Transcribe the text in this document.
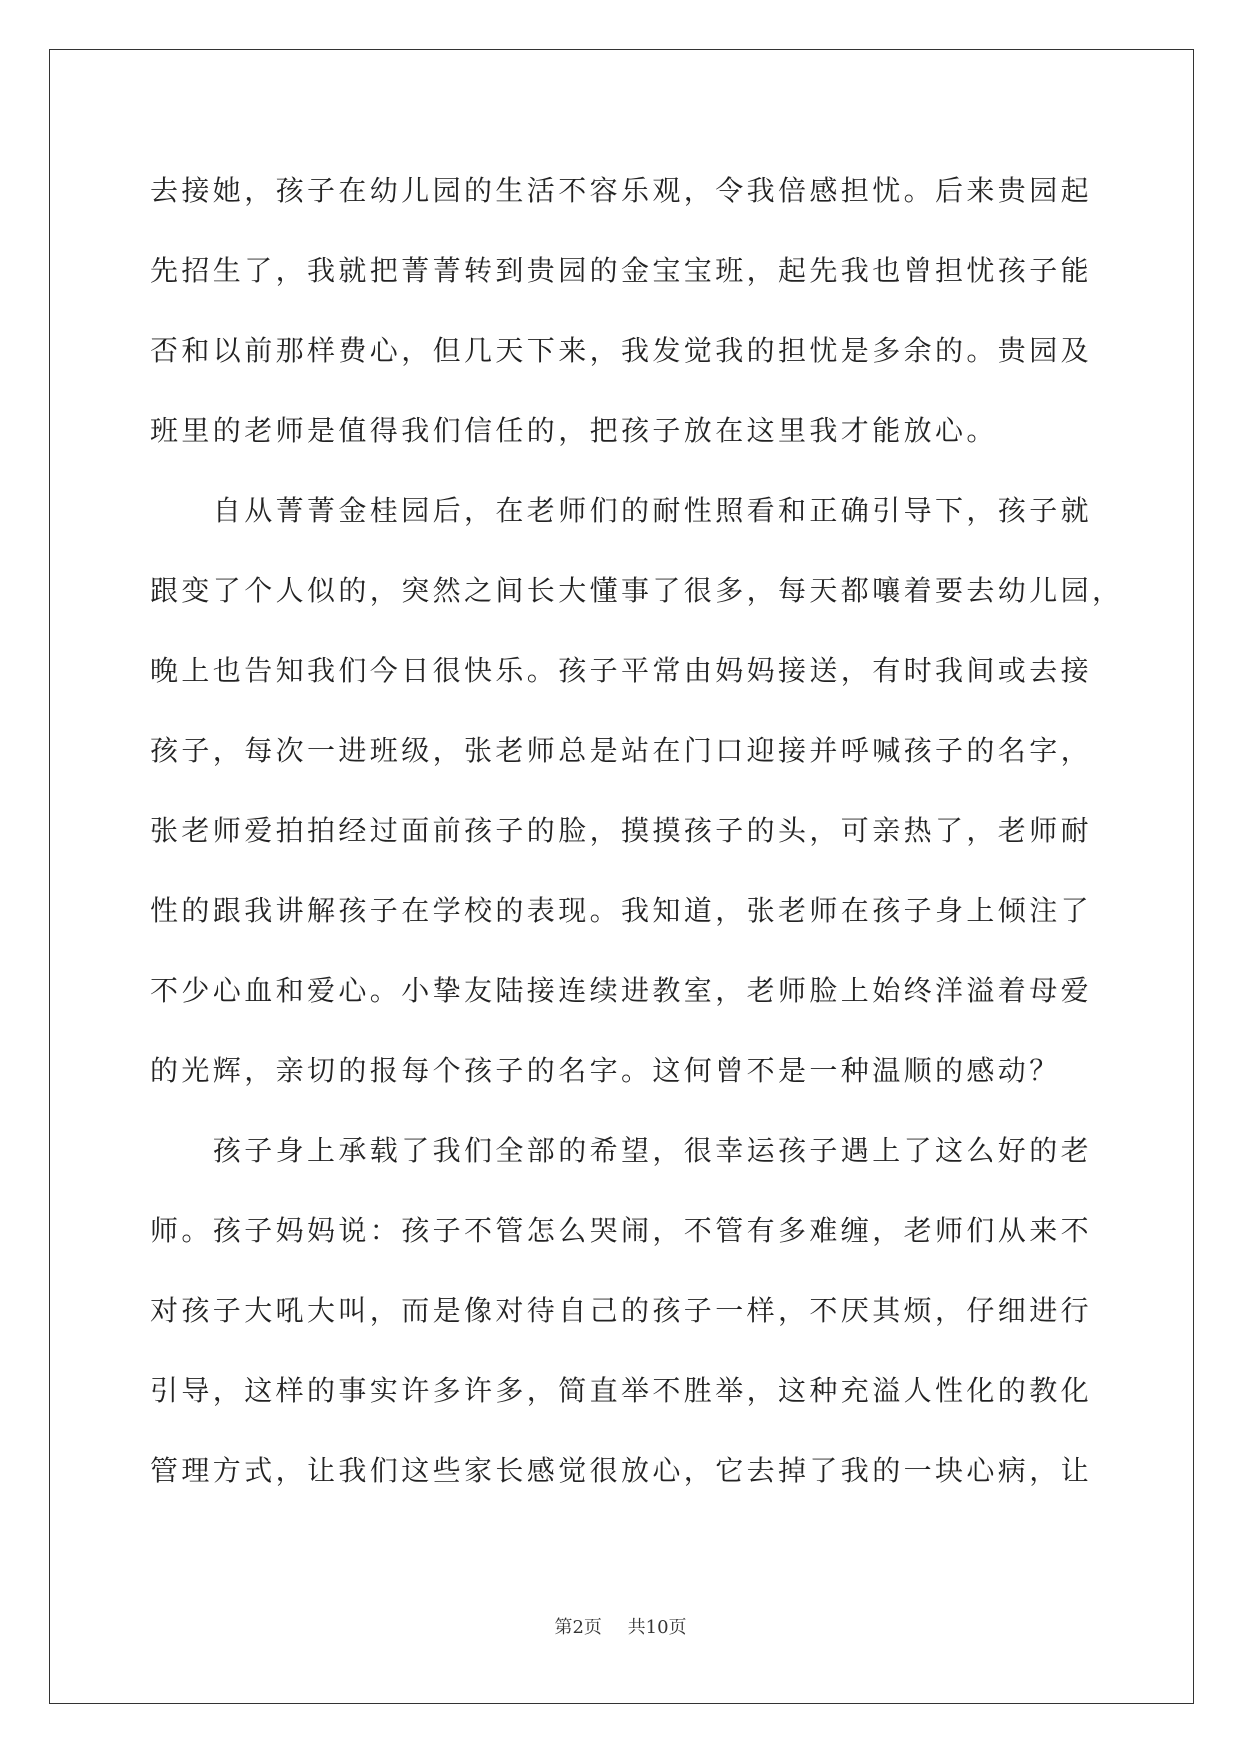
去接她，孩子在幼儿园的生活不容乐观，令我倍感担忧。后来贵园起
先招生了，我就把菁菁转到贵园的金宝宝班，起先我也曾担忧孩子能
否和以前那样费心，但几天下来，我发觉我的担忧是多余的。贵园及
班里的老师是值得我们信任的，把孩子放在这里我才能放心。
　　自从菁菁金桂园后，在老师们的耐性照看和正确引导下，孩子就
跟变了个人似的，突然之间长大懂事了很多，每天都嚷着要去幼儿园，
晚上也告知我们今日很快乐。孩子平常由妈妈接送，有时我间或去接
孩子，每次一进班级，张老师总是站在门口迎接并呼喊孩子的名字，
张老师爱拍拍经过面前孩子的脸，摸摸孩子的头，可亲热了，老师耐
性的跟我讲解孩子在学校的表现。我知道，张老师在孩子身上倾注了
不少心血和爱心。小挚友陆接连续进教室，老师脸上始终洋溢着母爱
的光辉，亲切的报每个孩子的名字。这何曾不是一种温顺的感动？
　　孩子身上承载了我们全部的希望，很幸运孩子遇上了这么好的老
师。孩子妈妈说：孩子不管怎么哭闹，不管有多难缠，老师们从来不
对孩子大吼大叫，而是像对待自己的孩子一样，不厌其烦，仔细进行
引导，这样的事实许多许多，简直举不胜举，这种充溢人性化的教化
管理方式，让我们这些家长感觉很放心，它去掉了我的一块心病，让
第2页 共10页
